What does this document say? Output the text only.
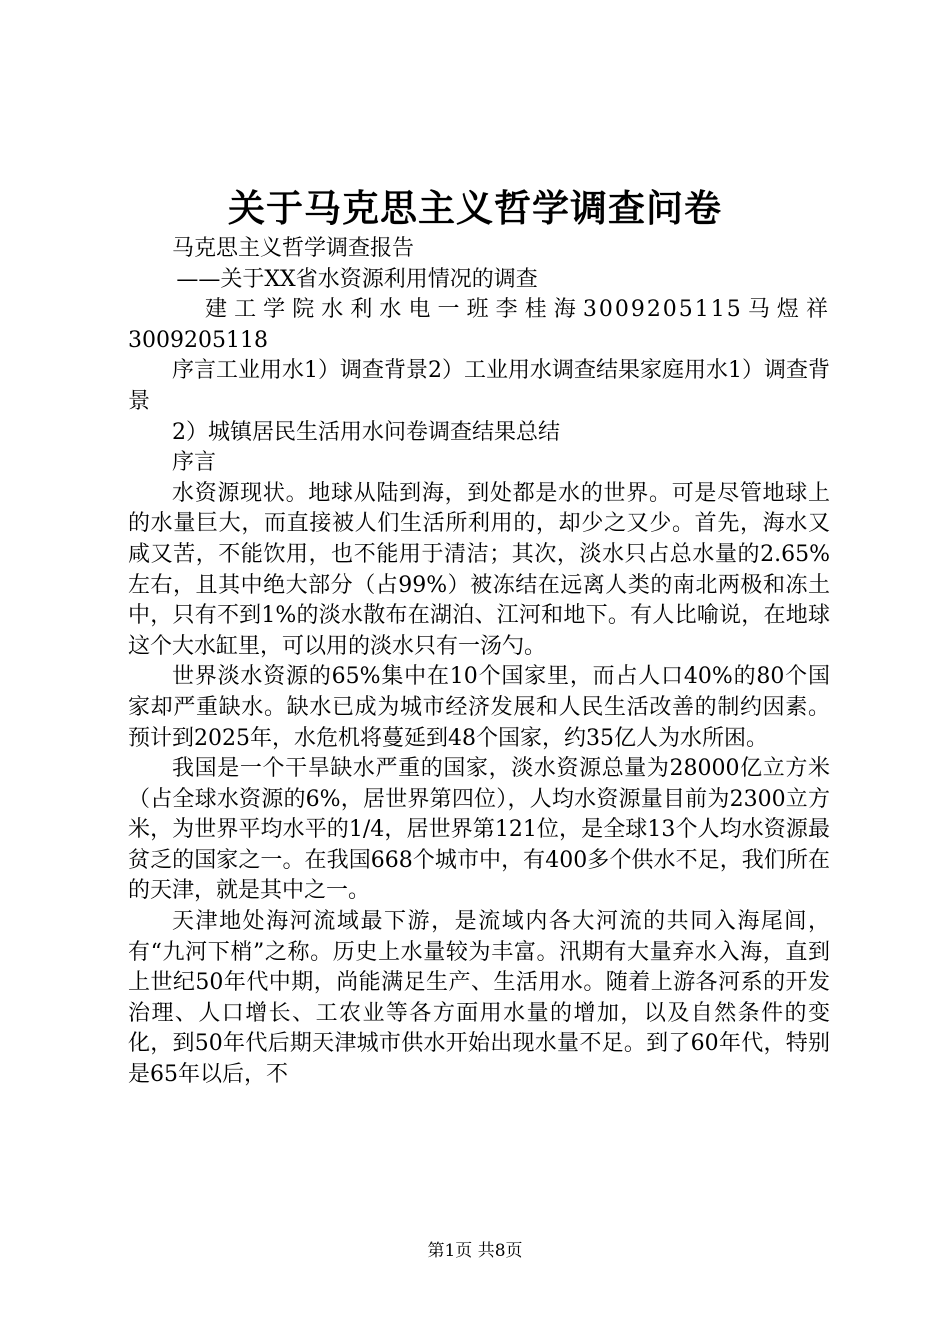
关于马克思主义哲学调查问卷

马克思主义哲学调查报告

——关于XX省水资源利用情况的调查

建工学院水利水电一班李桂海3009205115马煜祥

3009205118

序言工业用水1）调查背景2）工业用水调查结果家庭用水1）调查背景

2）城镇居民生活用水问卷调查结果总结

序言

水资源现状。地球从陆到海，到处都是水的世界。可是尽管地球上的水量巨大，而直接被人们生活所利用的，却少之又少。首先，海水又咸又苦，不能饮用，也不能用于清洁；其次，淡水只占总水量的2.65%左右，且其中绝大部分（占99%）被冻结在远离人类的南北两极和冻土中，只有不到1%的淡水散布在湖泊、江河和地下。有人比喻说，在地球这个大水缸里，可以用的淡水只有一汤勺。

世界淡水资源的65%集中在10个国家里，而占人口40%的80个国家却严重缺水。缺水已成为城市经济发展和人民生活改善的制约因素。预计到2025年，水危机将蔓延到48个国家，约35亿人为水所困。

我国是一个干旱缺水严重的国家，淡水资源总量为28000亿立方米（占全球水资源的6%，居世界第四位），人均水资源量目前为2300立方米，为世界平均水平的1/4，居世界第121位，是全球13个人均水资源最贫乏的国家之一。在我国668个城市中，有400多个供水不足，我们所在的天津，就是其中之一。

天津地处海河流域最下游，是流域内各大河流的共同入海尾闾，有“九河下梢”之称。历史上水量较为丰富。汛期有大量弃水入海，直到上世纪50年代中期，尚能满足生产、生活用水。随着上游各河系的开发治理、人口增长、工农业等各方面用水量的增加，以及自然条件的变化，到50年代后期天津城市供水开始出现水量不足。到了60年代，特别是65年以后，不

第1页 共8页
